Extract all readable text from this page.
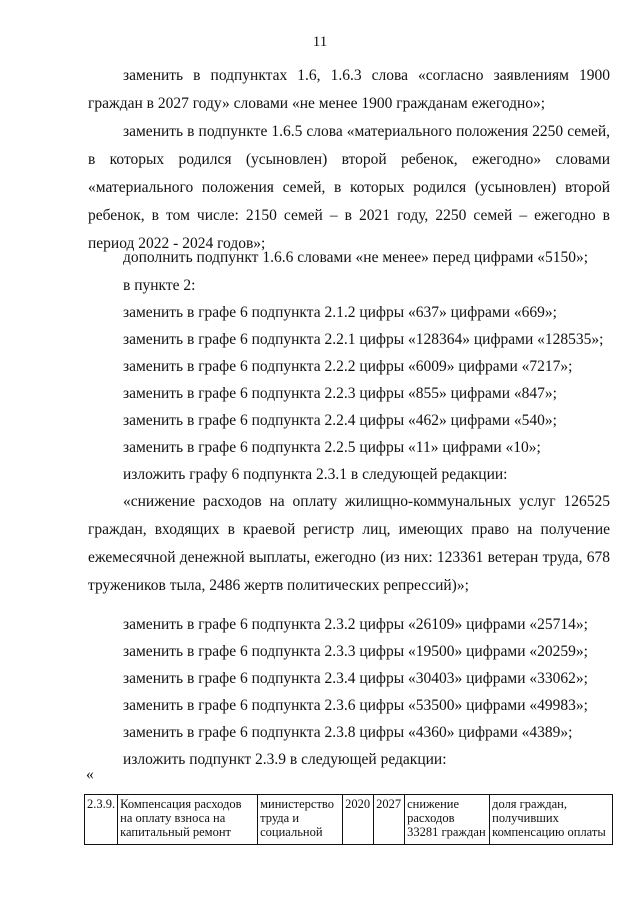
11

заменить в подпунктах 1.6, 1.6.3 слова «согласно заявлениям 1900 граждан в 2027 году» словами «не менее 1900 гражданам ежегодно»;

заменить в подпункте 1.6.5 слова «материального положения 2250 семей, в которых родился (усыновлен) второй ребенок, ежегодно» словами «материального положения семей, в которых родился (усыновлен) второй ребенок, в том числе: 2150 семей – в 2021 году, 2250 семей – ежегодно в период 2022 - 2024 годов»;

дополнить подпункт 1.6.6 словами «не менее» перед цифрами «5150»;
в пункте 2:
заменить в графе 6 подпункта 2.1.2 цифры «637» цифрами «669»;
заменить в графе 6 подпункта 2.2.1 цифры «128364» цифрами «128535»;
заменить в графе 6 подпункта 2.2.2 цифры «6009» цифрами «7217»;
заменить в графе 6 подпункта 2.2.3 цифры «855» цифрами «847»;
заменить в графе 6 подпункта 2.2.4 цифры «462» цифрами «540»;
заменить в графе 6 подпункта 2.2.5 цифры «11» цифрами «10»;
изложить графу 6 подпункта 2.3.1 в следующей редакции:

«снижение расходов на оплату жилищно-коммунальных услуг 126525 граждан, входящих в краевой регистр лиц, имеющих право на получение ежемесячной денежной выплаты, ежегодно (из них: 123361 ветеран труда, 678 тружеников тыла, 2486 жертв политических репрессий)»;

заменить в графе 6 подпункта 2.3.2 цифры «26109» цифрами «25714»;
заменить в графе 6 подпункта 2.3.3 цифры «19500» цифрами «20259»;
заменить в графе 6 подпункта 2.3.4 цифры «30403» цифрами «33062»;
заменить в графе 6 подпункта 2.3.6 цифры «53500» цифрами «49983»;
заменить в графе 6 подпункта 2.3.8 цифры «4360» цифрами «4389»;
изложить подпункт 2.3.9 в следующей редакции:
«
2.3.9.	Компенсация расходов на оплату взноса на капитальный ремонт	министерство труда и социальной	2020	2027	снижение расходов 33281 граждан	доля граждан, получивших компенсацию оплаты
